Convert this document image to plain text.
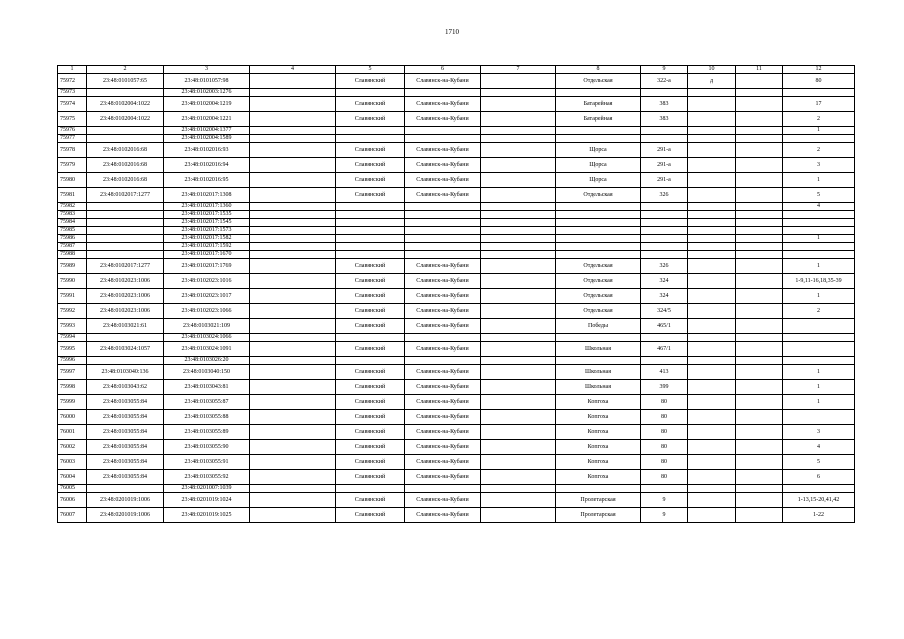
1710
1	2	3	4	5	6	7	8	9	10	11	12
75972	23:48:0101057:65	23:48:0101057:98		Славянский	Славянск-на-Кубани		Отдельская	322-а	д		80
75973		23:48:0102003:1276									
75974	23:48:0102004:1022	23:48:0102004:1219		Славянский	Славянск-на-Кубани		Батарейная	383			17
75975	23:48:0102004:1022	23:48:0102004:1221		Славянский	Славянск-на-Кубани		Батарейная	383			2
75976		23:48:0102004:1377									1
75977		23:48:0102004:1589									
75978	23:48:0102016:68	23:48:0102016:93		Славянский	Славянск-на-Кубани		Щорса	291-а			2
75979	23:48:0102016:68	23:48:0102016:94		Славянский	Славянск-на-Кубани		Щорса	291-а			3
75980	23:48:0102016:68	23:48:0102016:95		Славянский	Славянск-на-Кубани		Щорса	291-а			1
75981	23:48:0102017:1277	23:48:0102017:1308		Славянский	Славянск-на-Кубани		Отдельская	326			5
75982		23:48:0102017:1360									4
75983		23:48:0102017:1535									
75984		23:48:0102017:1545									
75985		23:48:0102017:1573									
75986		23:48:0102017:1582									1
75987		23:48:0102017:1592									
75988		23:48:0102017:1670									
75989	23:48:0102017:1277	23:48:0102017:1769		Славянский	Славянск-на-Кубани		Отдельская	326			1
75990	23:48:0102023:1006	23:48:0102023:1016		Славянский	Славянск-на-Кубани		Отдельская	324			1-9,11-16,18,35-39
75991	23:48:0102023:1006	23:48:0102023:1017		Славянский	Славянск-на-Кубани		Отдельская	324			1
75992	23:48:0102023:1006	23:48:0102023:1066		Славянский	Славянск-на-Кубани		Отдельская	324/5			2
75993	23:48:0103021:61	23:48:0103021:109		Славянский	Славянск-на-Кубани		Победы	465/1			
75994		23:48:0103024:1066									
75995	23:48:0103024:1057	23:48:0103024:1091		Славянский	Славянск-на-Кубани		Школьная	467/1			
75996		23:48:0103026:20									
75997	23:48:0103040:136	23:48:0103040:150		Славянский	Славянск-на-Кубани		Школьная	413			1
75998	23:48:0103043:62	23:48:0103043:81		Славянский	Славянск-на-Кубани		Школьная	399			1
75999	23:48:0103055:84	23:48:0103055:87		Славянский	Славянск-на-Кубани		Копгоха	80			1
76000	23:48:0103055:84	23:48:0103055:88		Славянский	Славянск-на-Кубани		Копгоха	80			
76001	23:48:0103055:84	23:48:0103055:89		Славянский	Славянск-на-Кубани		Копгоха	80			3
76002	23:48:0103055:84	23:48:0103055:90		Славянский	Славянск-на-Кубани		Копгоха	80			4
76003	23:48:0103055:84	23:48:0103055:91		Славянский	Славянск-на-Кубани		Копгоха	80			5
76004	23:48:0103055:84	23:48:0103055:92		Славянский	Славянск-на-Кубани		Копгоха	80			6
76005		23:48:0201007:1039									
76006	23:48:0201019:1006	23:48:0201019:1024		Славянский	Славянск-на-Кубани		Пролетарская	9			1-13,15-20,41,42
76007	23:48:0201019:1006	23:48:0201019:1025		Славянский	Славянск-на-Кубани		Пролетарская	9			1-22
